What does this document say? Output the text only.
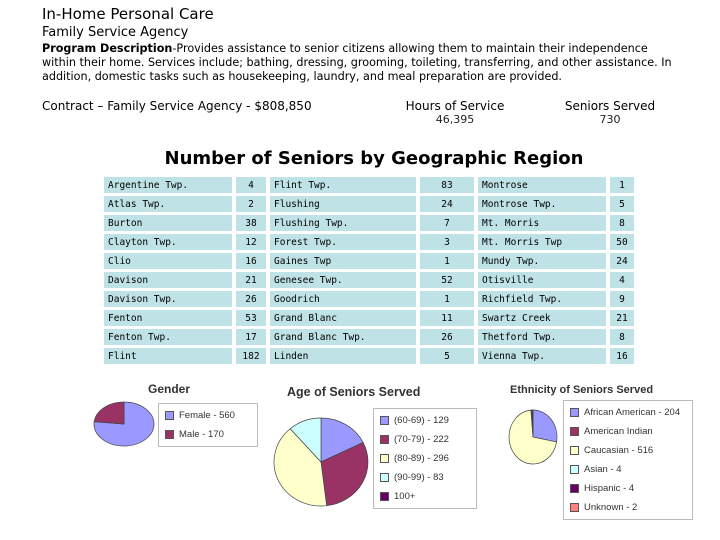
In-Home Personal Care
Family Service Agency
Program Description-Provides assistance to senior citizens allowing them to maintain their independence within their home. Services include; bathing, dressing, grooming, toileting, transferring, and other assistance. In addition, domestic tasks such as housekeeping, laundry, and meal preparation are provided.
Contract – Family Service Agency - $808,850	Hours of Service
46,395
Seniors Served
730
Number of Seniors by Geographic Region
Argentine Twp.		4		Flint Twp.		83		Montrose		1
Atlas Twp.		2		Flushing		24		Montrose Twp.		5
Burton		38		Flushing Twp.		7		Mt. Morris		8
Clayton Twp.		12		Forest Twp.		3		Mt. Morris Twp		50
Clio		16		Gaines Twp		1		Mundy Twp.		24
Davison		21		Genesee Twp.		52		Otisville		4
Davison Twp.		26		Goodrich		1		Richfield Twp.		9
Fenton		53		Grand Blanc		11		Swartz Creek		21
Fenton Twp.		17		Grand Blanc Twp.		26		Thetford Twp.		8
Flint		182		Linden		5		Vienna Twp.		16
Gender
Female - 560
Male - 170
Age of Seniors Served
(60-69) - 129
(70-79) - 222
(80-89) - 296
(90-99) - 83
100+
Ethnicity of Seniors Served
African American - 204
American Indian
Caucasian - 516
Asian - 4
Hispanic - 4
Unknown - 2
